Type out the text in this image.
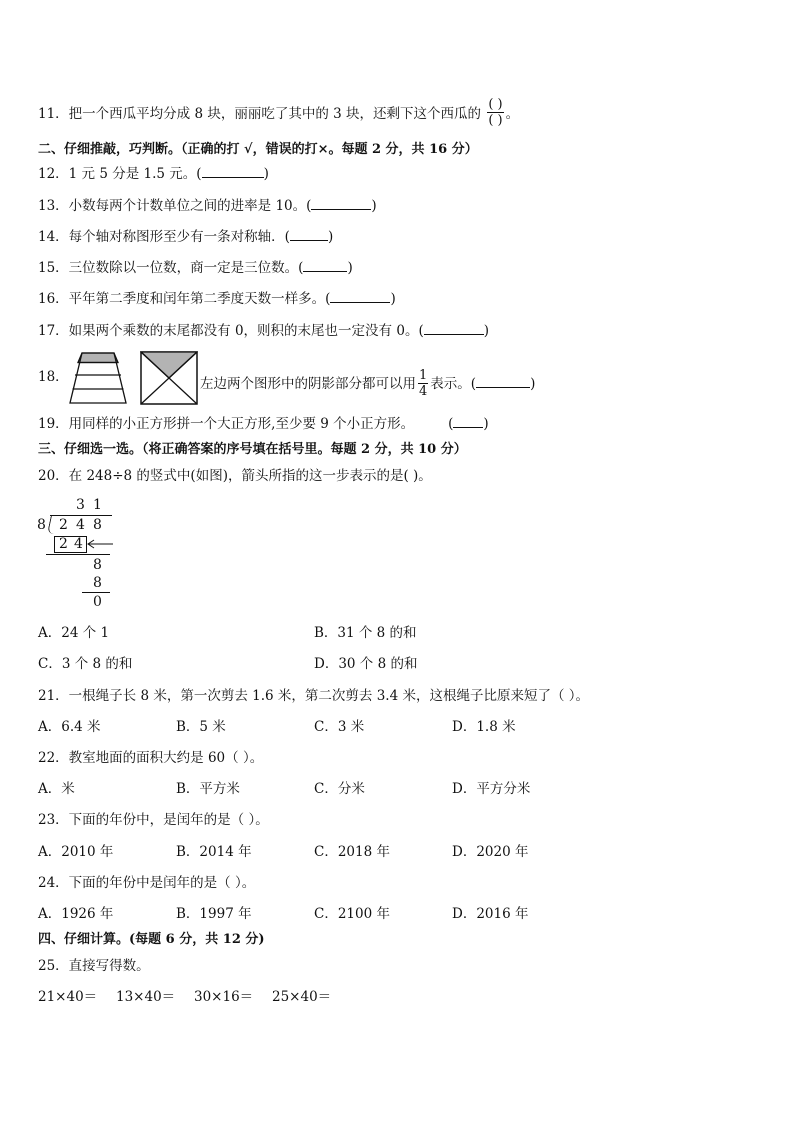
11．把一个西瓜平均分成 8 块，丽丽吃了其中的 3 块，还剩下这个西瓜的 $\frac{( )}{( )}$ 。
二、仔细推敲，巧判断。（正确的打 √，错误的打×。每题 2 分，共 16 分）
12．1 元 5 分是 1.5 元。(	)
13．小数每两个计数单位之间的进率是 10。(	)
14．每个轴对称图形至少有一条对称轴．(	)
15．三位数除以一位数，商一定是三位数。(	)
16．平年第二季度和闰年第二季度天数一样多。(	)
17．如果两个乘数的末尾都没有 0，则积的末尾也一定没有 0。(	)
18．	左边两个图形中的阴影部分都可以用 $\frac{1}{4}$ 表示。(	)
19．用同样的小正方形拼一个大正方形,至少要 9 个小正方形。	( )
三、仔细选一选。（将正确答案的序号填在括号里。每题 2 分，共 10 分）
20．在 248÷8 的竖式中(如图)，箭头所指的这一步表示的是( )。
3 1
8 2 4 8
2 4
8
8
0
A．24 个 1	B．31 个 8 的和
C．3 个 8 的和	D．30 个 8 的和
21．一根绳子长 8 米，第一次剪去 1.6 米，第二次剪去 3.4 米，这根绳子比原来短了（ ）。
A．6.4 米	B．5 米	C．3 米	D．1.8 米
22．教室地面的面积大约是 60（ ）。
A．米	B．平方米	C．分米	D．平方分米
23．下面的年份中，是闰年的是（ ）。
A．2010 年	B．2014 年	C．2018 年	D．2020 年
24．下面的年份中是闰年的是（ ）。
A．1926 年	B．1997 年	C．2100 年	D．2016 年
四、仔细计算。(每题 6 分，共 12 分)
25．直接写得数。
21×40＝ 13×40＝ 30×16＝ 25×40＝
